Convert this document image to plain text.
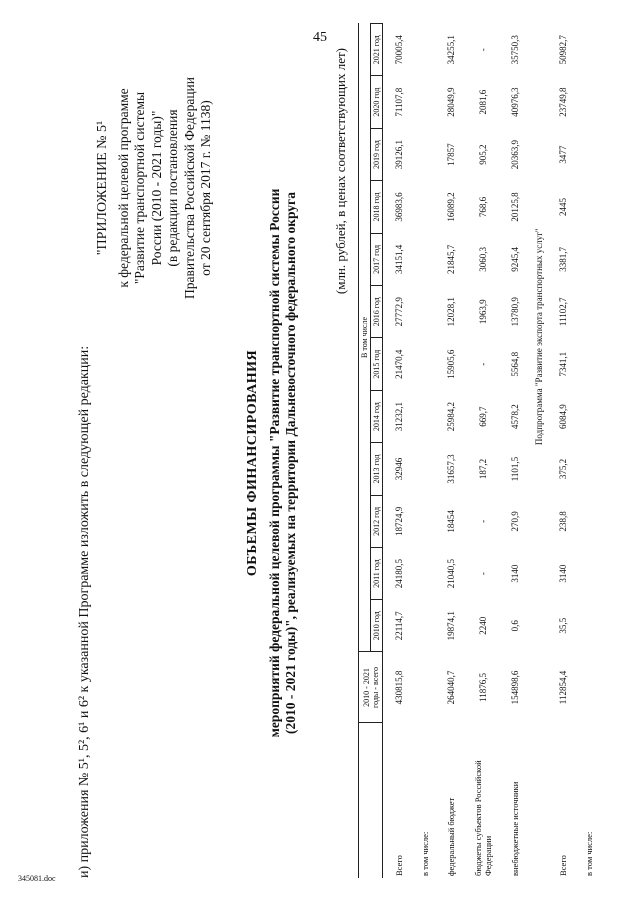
45
и) приложения № 5¹, 5², 6¹ и 6² к указанной Программе изложить в следующей редакции:
"ПРИЛОЖЕНИЕ № 5¹ к федеральной целевой программе "Развитие транспортной системы России (2010 - 2021 годы)" (в редакции постановления Правительства Российской Федерации от 20 сентября 2017 г. № 1138)
ОБЪЕМЫ ФИНАНСИРОВАНИЯ мероприятий федеральной целевой программы "Развитие транспортной системы России (2010 - 2021 годы)", реализуемых на территории Дальневосточного федерального округа
(млн. рублей, в ценах соответствующих лет)

	2010 - 2021 годы - всего	В том числе											
		2010 год	2011 год	2012 год	2013 год	2014 год	2015 год	2016 год	2017 год	2018 год	2019 год	2020 год	2021 год
Всего	430815,8	22114,7	24180,5	18724,9	32946	31232,1	21470,4	27772,9	34151,4	36983,6	39126,1	71107,8	70005,4
в том числе:													
федеральный бюджет	264040,7	19874,1	21040,5	18454	31657,3	25984,2	15905,6	12028,1	21845,7	16089,2	17857	28049,9	34255,1
бюджеты субъектов Российской Федерации	11876,5	2240	-	-	187,2	669,7	-	1963,9	3060,3	768,6	905,2	2081,6	-
внебюджетные источники	154898,6	0,6	3140	270,9	1101,5	4578,2	5564,8	13780,9	9245,4	20125,8	20363,9	40976,3	35750,3
Подпрограмма "Развитие экспорта транспортных услуг"													
Всего	112854,4	35,5	3140	238,8	375,2	6084,9	7341,1	11102,7	3381,7	2445	3477	23749,8	50982,7
в том числе:													
345081.doc
